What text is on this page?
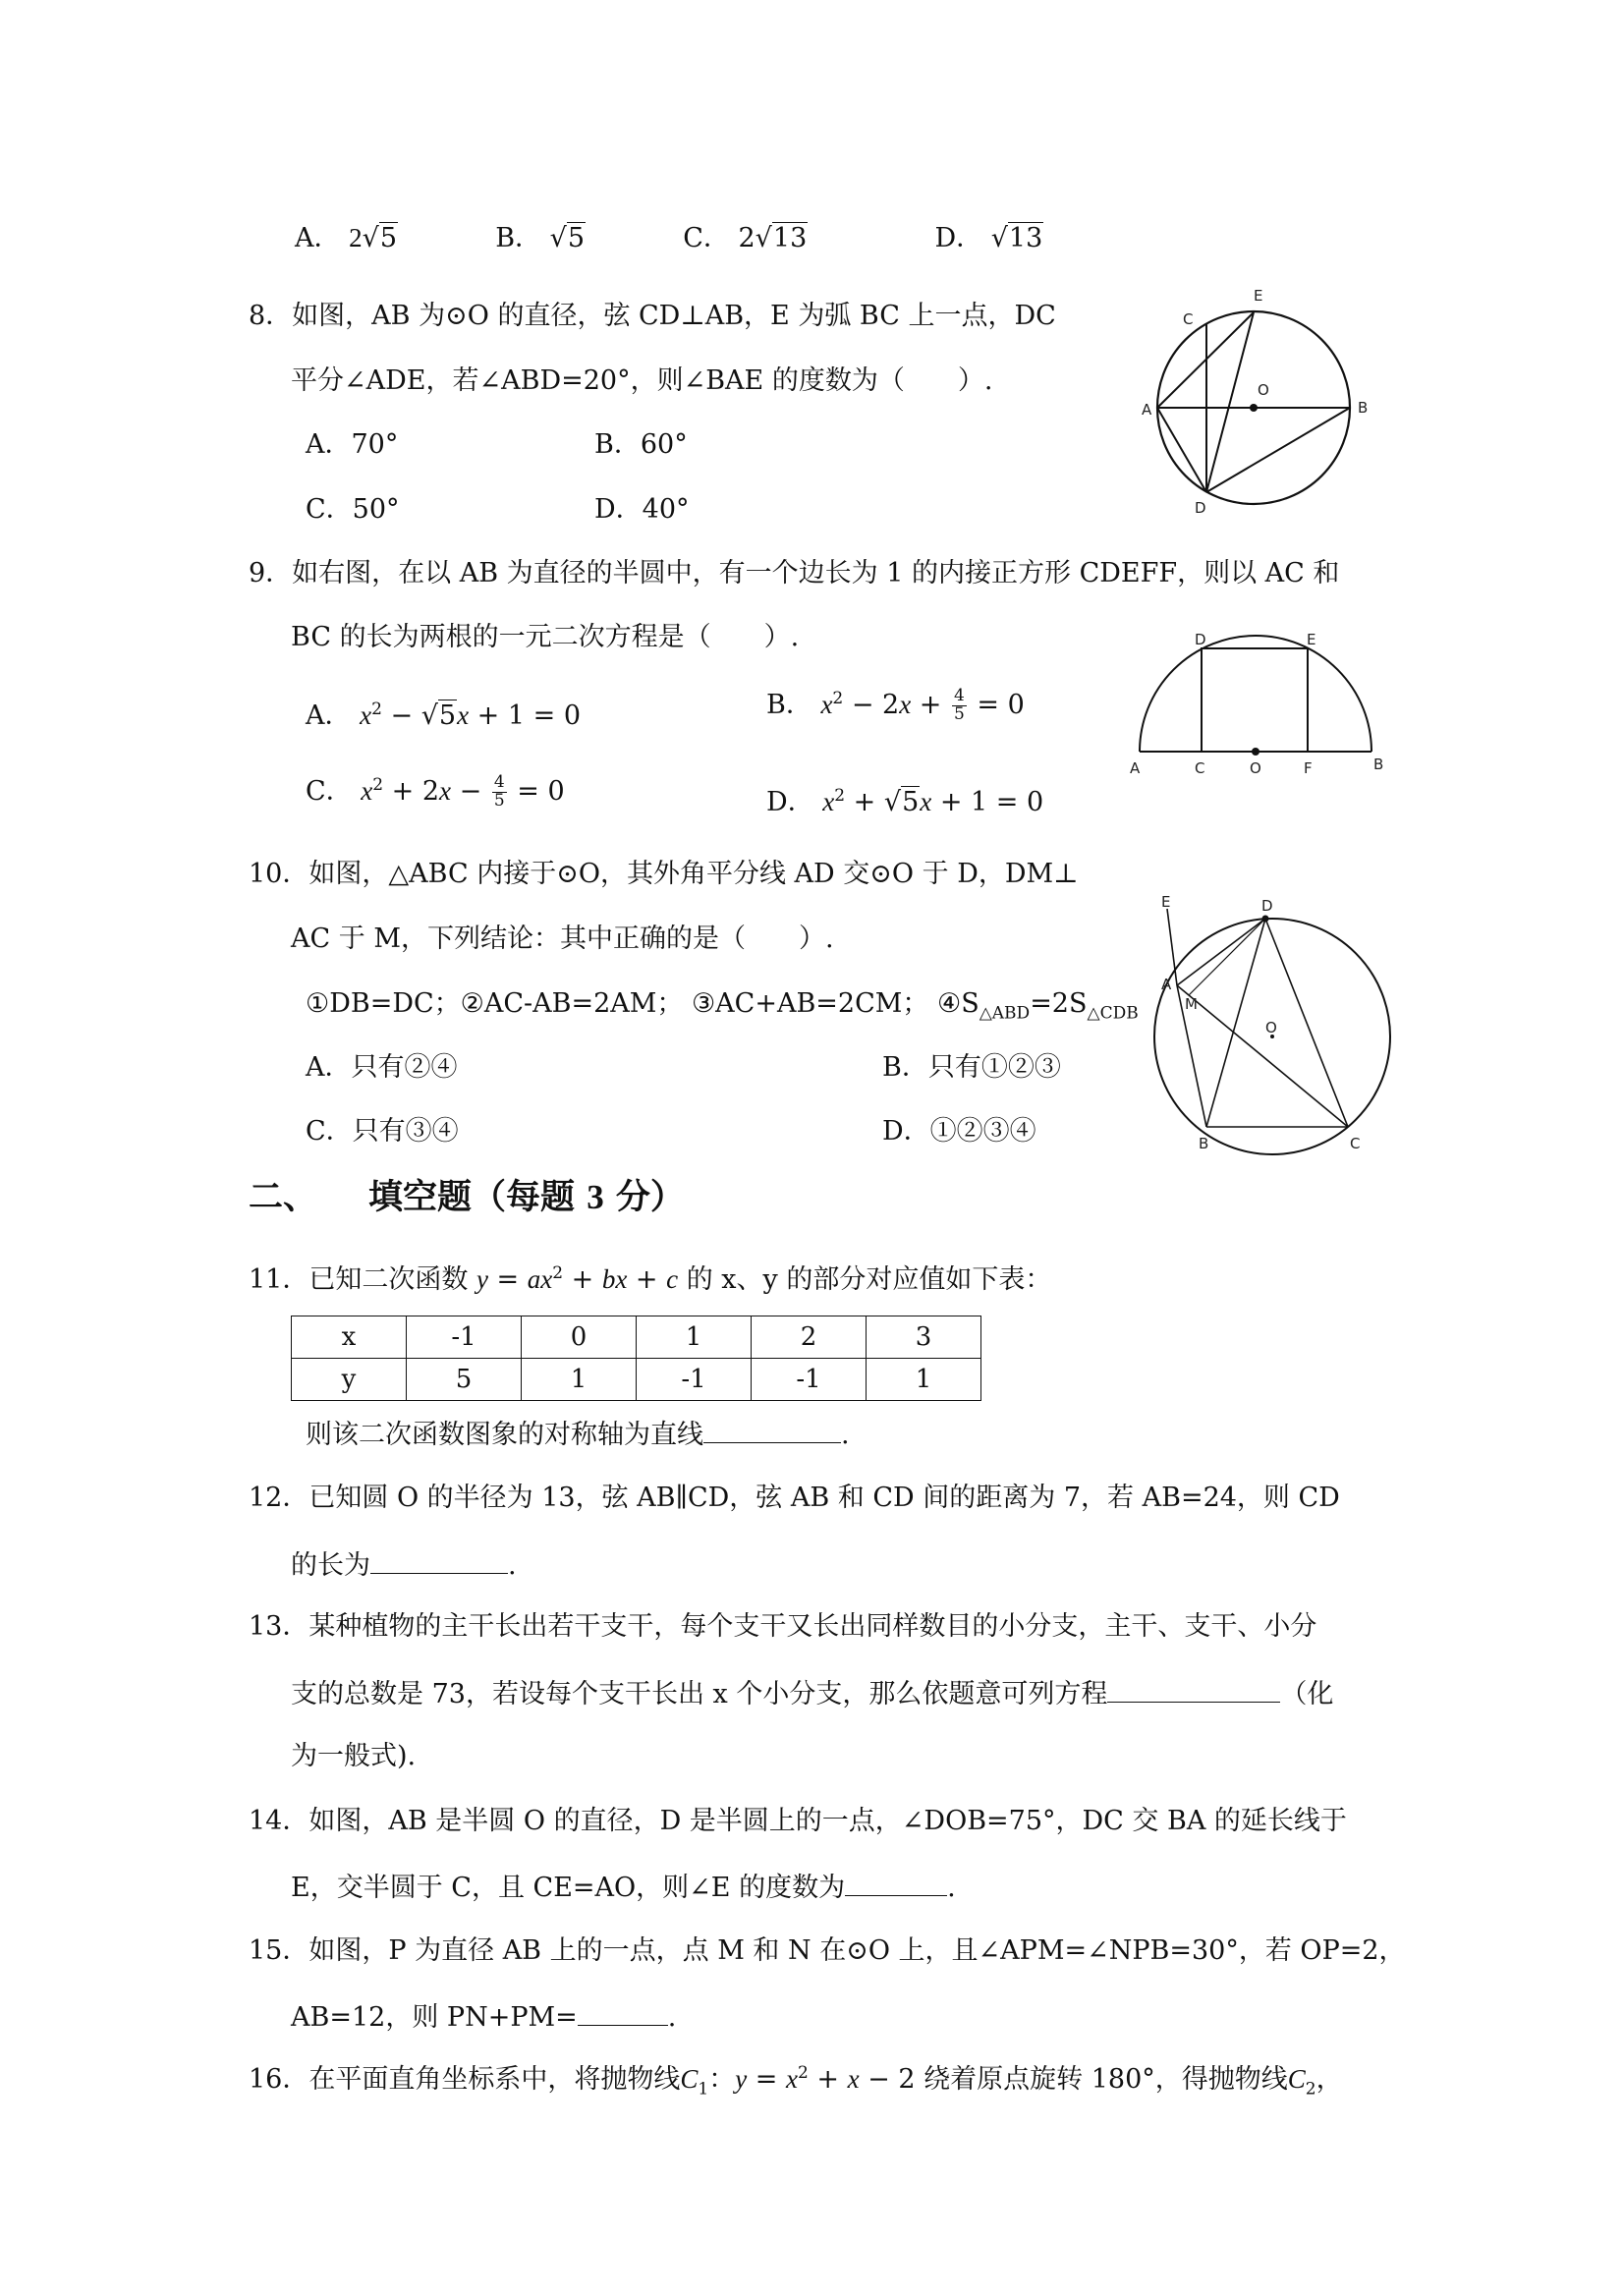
A． 2√5	B． √5	C． 2√13	D． √13
8．如图，AB 为⊙O 的直径，弦 CD⊥AB，E 为弧 BC 上一点，DC
平分∠ADE，若∠ABD=20°，则∠BAE 的度数为（　　）.
A．70°	B．60°
C．50°	D．40°
A	B
C
D
E
O
9．如右图，在以 AB 为直径的半圆中，有一个边长为 1 的内接正方形 CDEFF，则以 AC 和
BC 的长为两根的一元二次方程是（　　）.
A． $x^2 - √5x + 1 = 0$	B． $x^2 - 2x + \frac{4}{5} = 0$
C． $x^2 + 2x - \frac{4}{5} = 0$	D． $x^2 + √5x + 1 = 0$
A	C	O	F	B
D	E
10．如图，△ABC 内接于⊙O，其外角平分线 AD 交⊙O 于 D，DM⊥
AC 于 M，下列结论：其中正确的是（　　）.
①DB=DC；②AC-AB=2AM； ③AC+AB=2CM； $④S_{\triangle ABD}=2S_{\triangle CDB}$
A．只有②④	B．只有①②③
C．只有③④	D．①②③④
E	D
A
M
O
B	C
二、 填空题（每题 3 分）
11．已知二次函数 $y = ax^2$ + bx + c 的 x、y 的部分对应值如下表：
x	-1	0	1	2	3
y	5	1	-1	-1	1
则该二次函数图象的对称轴为直线	.
12．已知圆 O 的半径为 13，弦 AB∥CD，弦 AB 和 CD 间的距离为 7，若 AB=24，则 CD
的长为	.
13．某种植物的主干长出若干支干，每个支干又长出同样数目的小分支，主干、支干、小分
支的总数是 73，若设每个支干长出 x 个小分支，那么依题意可列方程	（化
为一般式).
14．如图，AB 是半圆 O 的直径，D 是半圆上的一点，∠DOB=75°，DC 交 BA 的延长线于
E，交半圆于 C，且 CE=AO，则∠E 的度数为	.
15．如图，P 为直径 AB 上的一点，点 M 和 N 在⊙O 上，且∠APM=∠NPB=30°，若 OP=2，
AB=12，则 PN+PM=	.
16．在平面直角坐标系中，将抛物线$C_1$：$y = x^2 + x - 2$ 绕着原点旋转 180°，得抛物线$C_2$，
